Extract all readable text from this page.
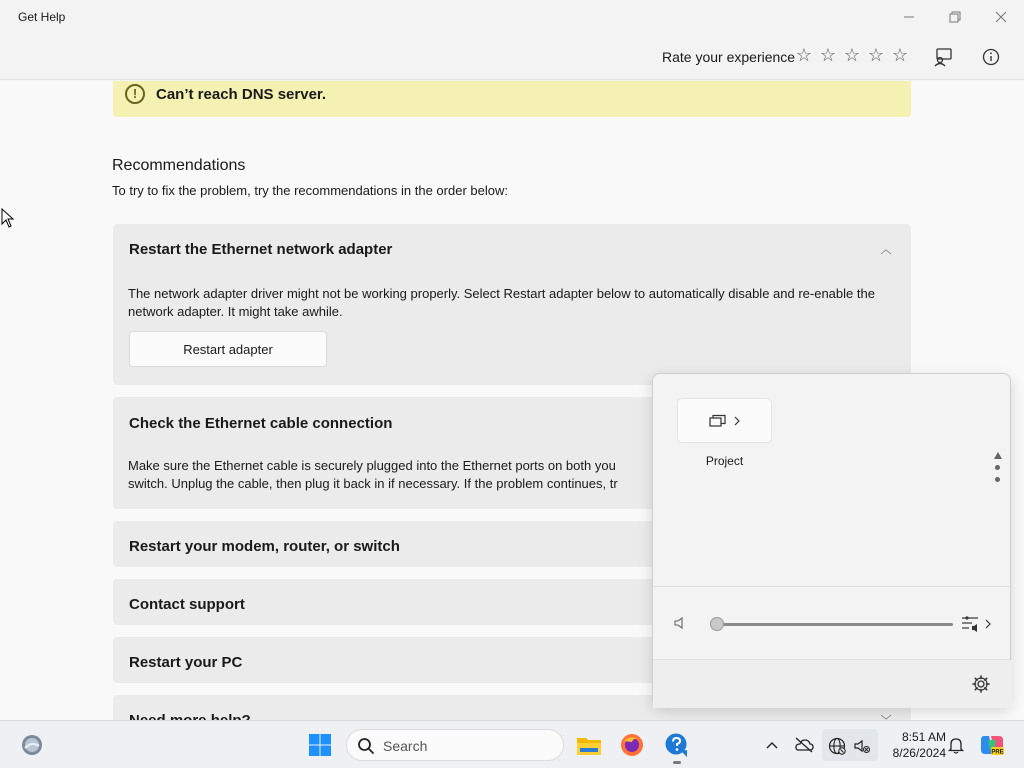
Get Help
Rate your experience ☆ ☆ ☆ ☆ ☆
!	Can’t reach DNS server.
Recommendations
To try to fix the problem, try the recommendations in the order below:
Restart the Ethernet network adapter	︿
The network adapter driver might not be working properly. Select Restart adapter below to automatically disable and re-enable the network adapter. It might take awhile.
Restart adapter
Check the Ethernet cable connection
Make sure the Ethernet cable is securely plugged into the Ethernet ports on both you switch. Unplug the cable, then plug it back in if necessary. If the problem continues, tr
Restart your modem, router, or switch
Contact support
Restart your PC
Project
Search
8:51 AM
8/26/2024	PRE
